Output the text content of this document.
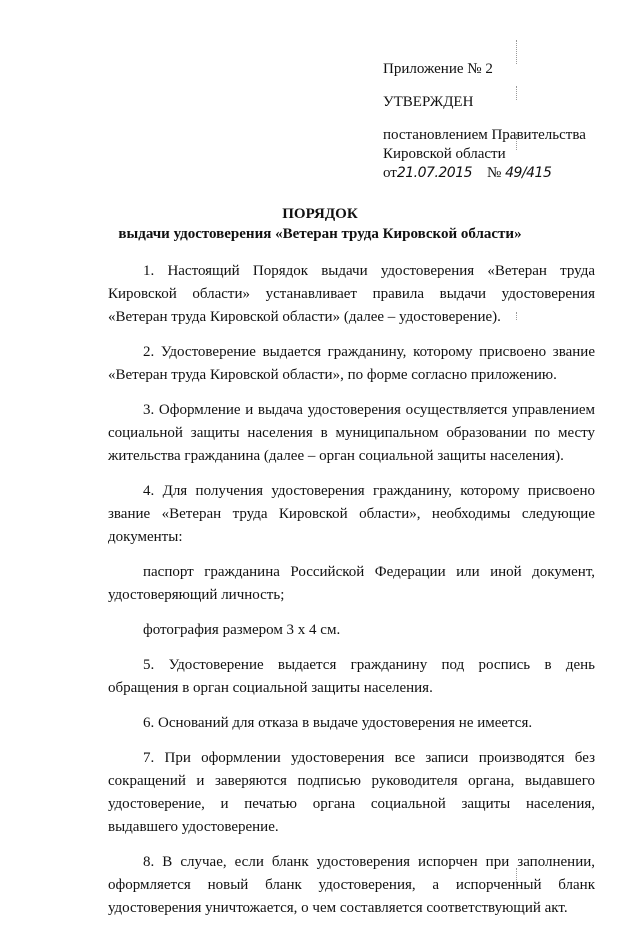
Приложение № 2
УТВЕРЖДЕН
постановлением Правительства
Кировской области
от21.07.2015 № 49/415
ПОРЯДОК
выдачи удостоверения «Ветеран труда Кировской области»

1. Настоящий Порядок выдачи удостоверения «Ветеран труда Кировской области» устанавливает правила выдачи удостоверения «Ветеран труда Кировской области» (далее – удостоверение).

2. Удостоверение выдается гражданину, которому присвоено звание «Ветеран труда Кировской области», по форме согласно приложению.

3. Оформление и выдача удостоверения осуществляется управлением социальной защиты населения в муниципальном образовании по месту жительства гражданина (далее – орган социальной защиты населения).

4. Для получения удостоверения гражданину, которому присвоено звание «Ветеран труда Кировской области», необходимы следующие документы:

паспорт гражданина Российской Федерации или иной документ, удостоверяющий личность;

фотография размером 3 х 4 см.

5. Удостоверение выдается гражданину под роспись в день обращения в орган социальной защиты населения.

6. Оснований для отказа в выдаче удостоверения не имеется.

7. При оформлении удостоверения все записи производятся без сокращений и заверяются подписью руководителя органа, выдавшего удостоверение, и печатью органа социальной защиты населения, выдавшего удостоверение.

8. В случае, если бланк удостоверения испорчен при заполнении, оформляется новый бланк удостоверения, а испорченный бланк удостоверения уничтожается, о чем составляется соответствующий акт.
